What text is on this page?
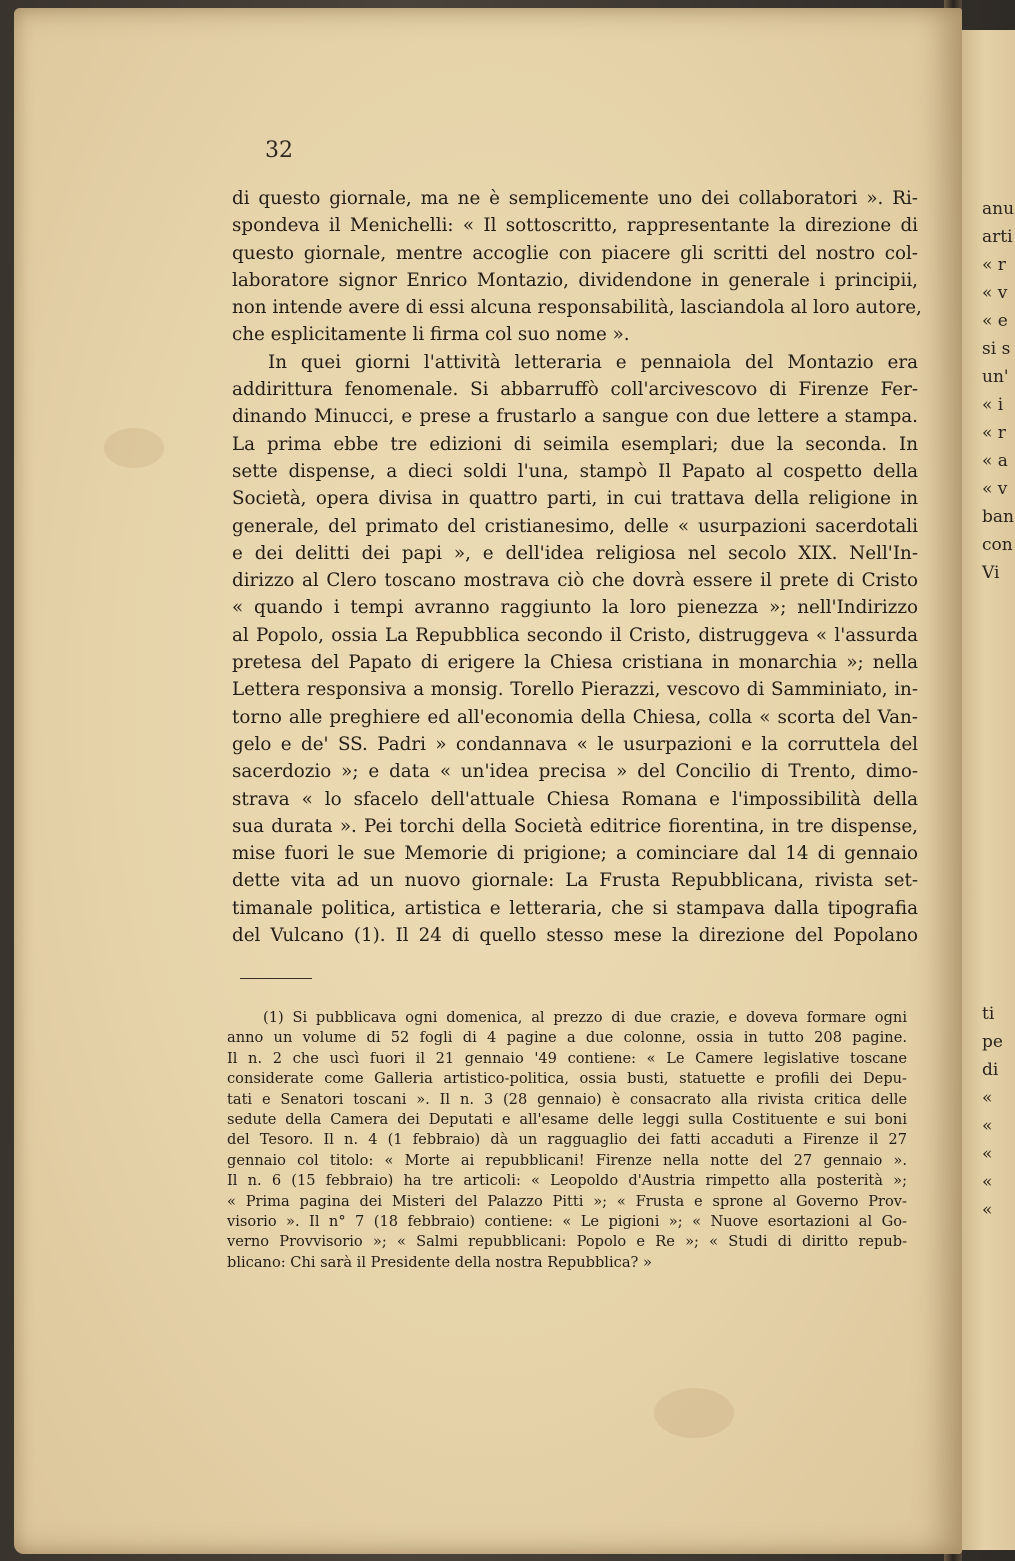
anu
arti
« r
« v
« e
si s
un'
« i
« r
« a
« v
ban
con
Vi
ti
pe
di
«
«
«
«
«
32
di questo giornale, ma ne è semplicemente uno dei collaboratori ». Ri-
spondeva il Menichelli: « Il sottoscritto, rappresentante la direzione di
questo giornale, mentre accoglie con piacere gli scritti del nostro col-
laboratore signor Enrico Montazio, dividendone in generale i principii,
non intende avere di essi alcuna responsabilità, lasciandola al loro autore,
che esplicitamente li firma col suo nome ».
In quei giorni l'attività letteraria e pennaiola del Montazio era
addirittura fenomenale. Si abbarruffò coll'arcivescovo di Firenze Fer-
dinando Minucci, e prese a frustarlo a sangue con due lettere a stampa.
La prima ebbe tre edizioni di seimila esemplari; due la seconda. In
sette dispense, a dieci soldi l'una, stampò Il Papato al cospetto della
Società, opera divisa in quattro parti, in cui trattava della religione in
generale, del primato del cristianesimo, delle « usurpazioni sacerdotali
e dei delitti dei papi », e dell'idea religiosa nel secolo XIX. Nell'In-
dirizzo al Clero toscano mostrava ciò che dovrà essere il prete di Cristo
« quando i tempi avranno raggiunto la loro pienezza »; nell'Indirizzo
al Popolo, ossia La Repubblica secondo il Cristo, distruggeva « l'assurda
pretesa del Papato di erigere la Chiesa cristiana in monarchia »; nella
Lettera responsiva a monsig. Torello Pierazzi, vescovo di Samminiato, in-
torno alle preghiere ed all'economia della Chiesa, colla « scorta del Van-
gelo e de' SS. Padri » condannava « le usurpazioni e la corruttela del
sacerdozio »; e data « un'idea precisa » del Concilio di Trento, dimo-
strava « lo sfacelo dell'attuale Chiesa Romana e l'impossibilità della
sua durata ». Pei torchi della Società editrice fiorentina, in tre dispense,
mise fuori le sue Memorie di prigione; a cominciare dal 14 di gennaio
dette vita ad un nuovo giornale: La Frusta Repubblicana, rivista set-
timanale politica, artistica e letteraria, che si stampava dalla tipografia
del Vulcano (1). Il 24 di quello stesso mese la direzione del Popolano
(1) Si pubblicava ogni domenica, al prezzo di due crazie, e doveva formare ogni
anno un volume di 52 fogli di 4 pagine a due colonne, ossia in tutto 208 pagine.
Il n. 2 che uscì fuori il 21 gennaio '49 contiene: « Le Camere legislative toscane
considerate come Galleria artistico-politica, ossia busti, statuette e profili dei Depu-
tati e Senatori toscani ». Il n. 3 (28 gennaio) è consacrato alla rivista critica delle
sedute della Camera dei Deputati e all'esame delle leggi sulla Costituente e sui boni
del Tesoro. Il n. 4 (1 febbraio) dà un ragguaglio dei fatti accaduti a Firenze il 27
gennaio col titolo: « Morte ai repubblicani! Firenze nella notte del 27 gennaio ».
Il n. 6 (15 febbraio) ha tre articoli: « Leopoldo d'Austria rimpetto alla posterità »;
« Prima pagina dei Misteri del Palazzo Pitti »; « Frusta e sprone al Governo Prov-
visorio ». Il n° 7 (18 febbraio) contiene: « Le pigioni »; « Nuove esortazioni al Go-
verno Provvisorio »; « Salmi repubblicani: Popolo e Re »; « Studi di diritto repub-
blicano: Chi sarà il Presidente della nostra Repubblica? »
